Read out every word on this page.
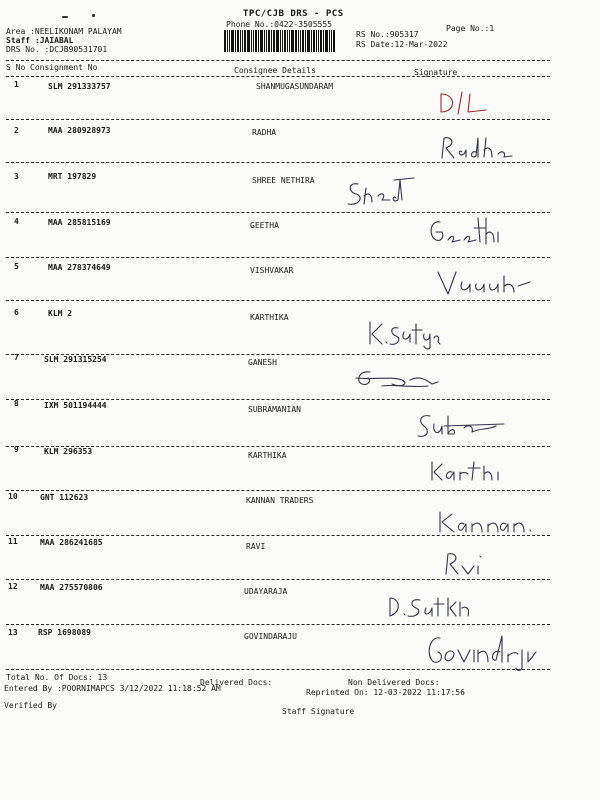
TPC/CJB DRS - PCS
Phone No.:0422-3505555
Area :NEELIKONAM PALAYAM
Staff :JAIABAL
DRS No. :DCJB90531701
RS No.:905317
RS Date:12-Mar-2022
Page No.:1
S No Consignment No	Consignee Details	Signature
1	SLM 291333757	SHANMUGASUNDARAM
2	MAA 280928973	RADHA
3	MRT 197829	SHREE NETHIRA
4	MAA 285815169	GEETHA
5	MAA 278374649	VISHVAKAR
6	KLM 2	KARTHIKA
7	SLM 291315254	GANESH
8	IXM 501194444	SUBRAMANIAN
9	KLM 296353	KARTHIKA
10	GNT 112623	KANNAN TRADERS
11	MAA 286241685	RAVI
12	MAA 275570806	UDAYARAJA
13	RSP 1698089	GOVINDARAJU
Total No. Of Docs: 13
Delivered Docs:	Non Delivered Docs:
Entered By :POORNIMAPCS 3/12/2022 11:18:52 AM	Reprinted On: 12-03-2022 11:17:56
Verified By
Staff Signature
